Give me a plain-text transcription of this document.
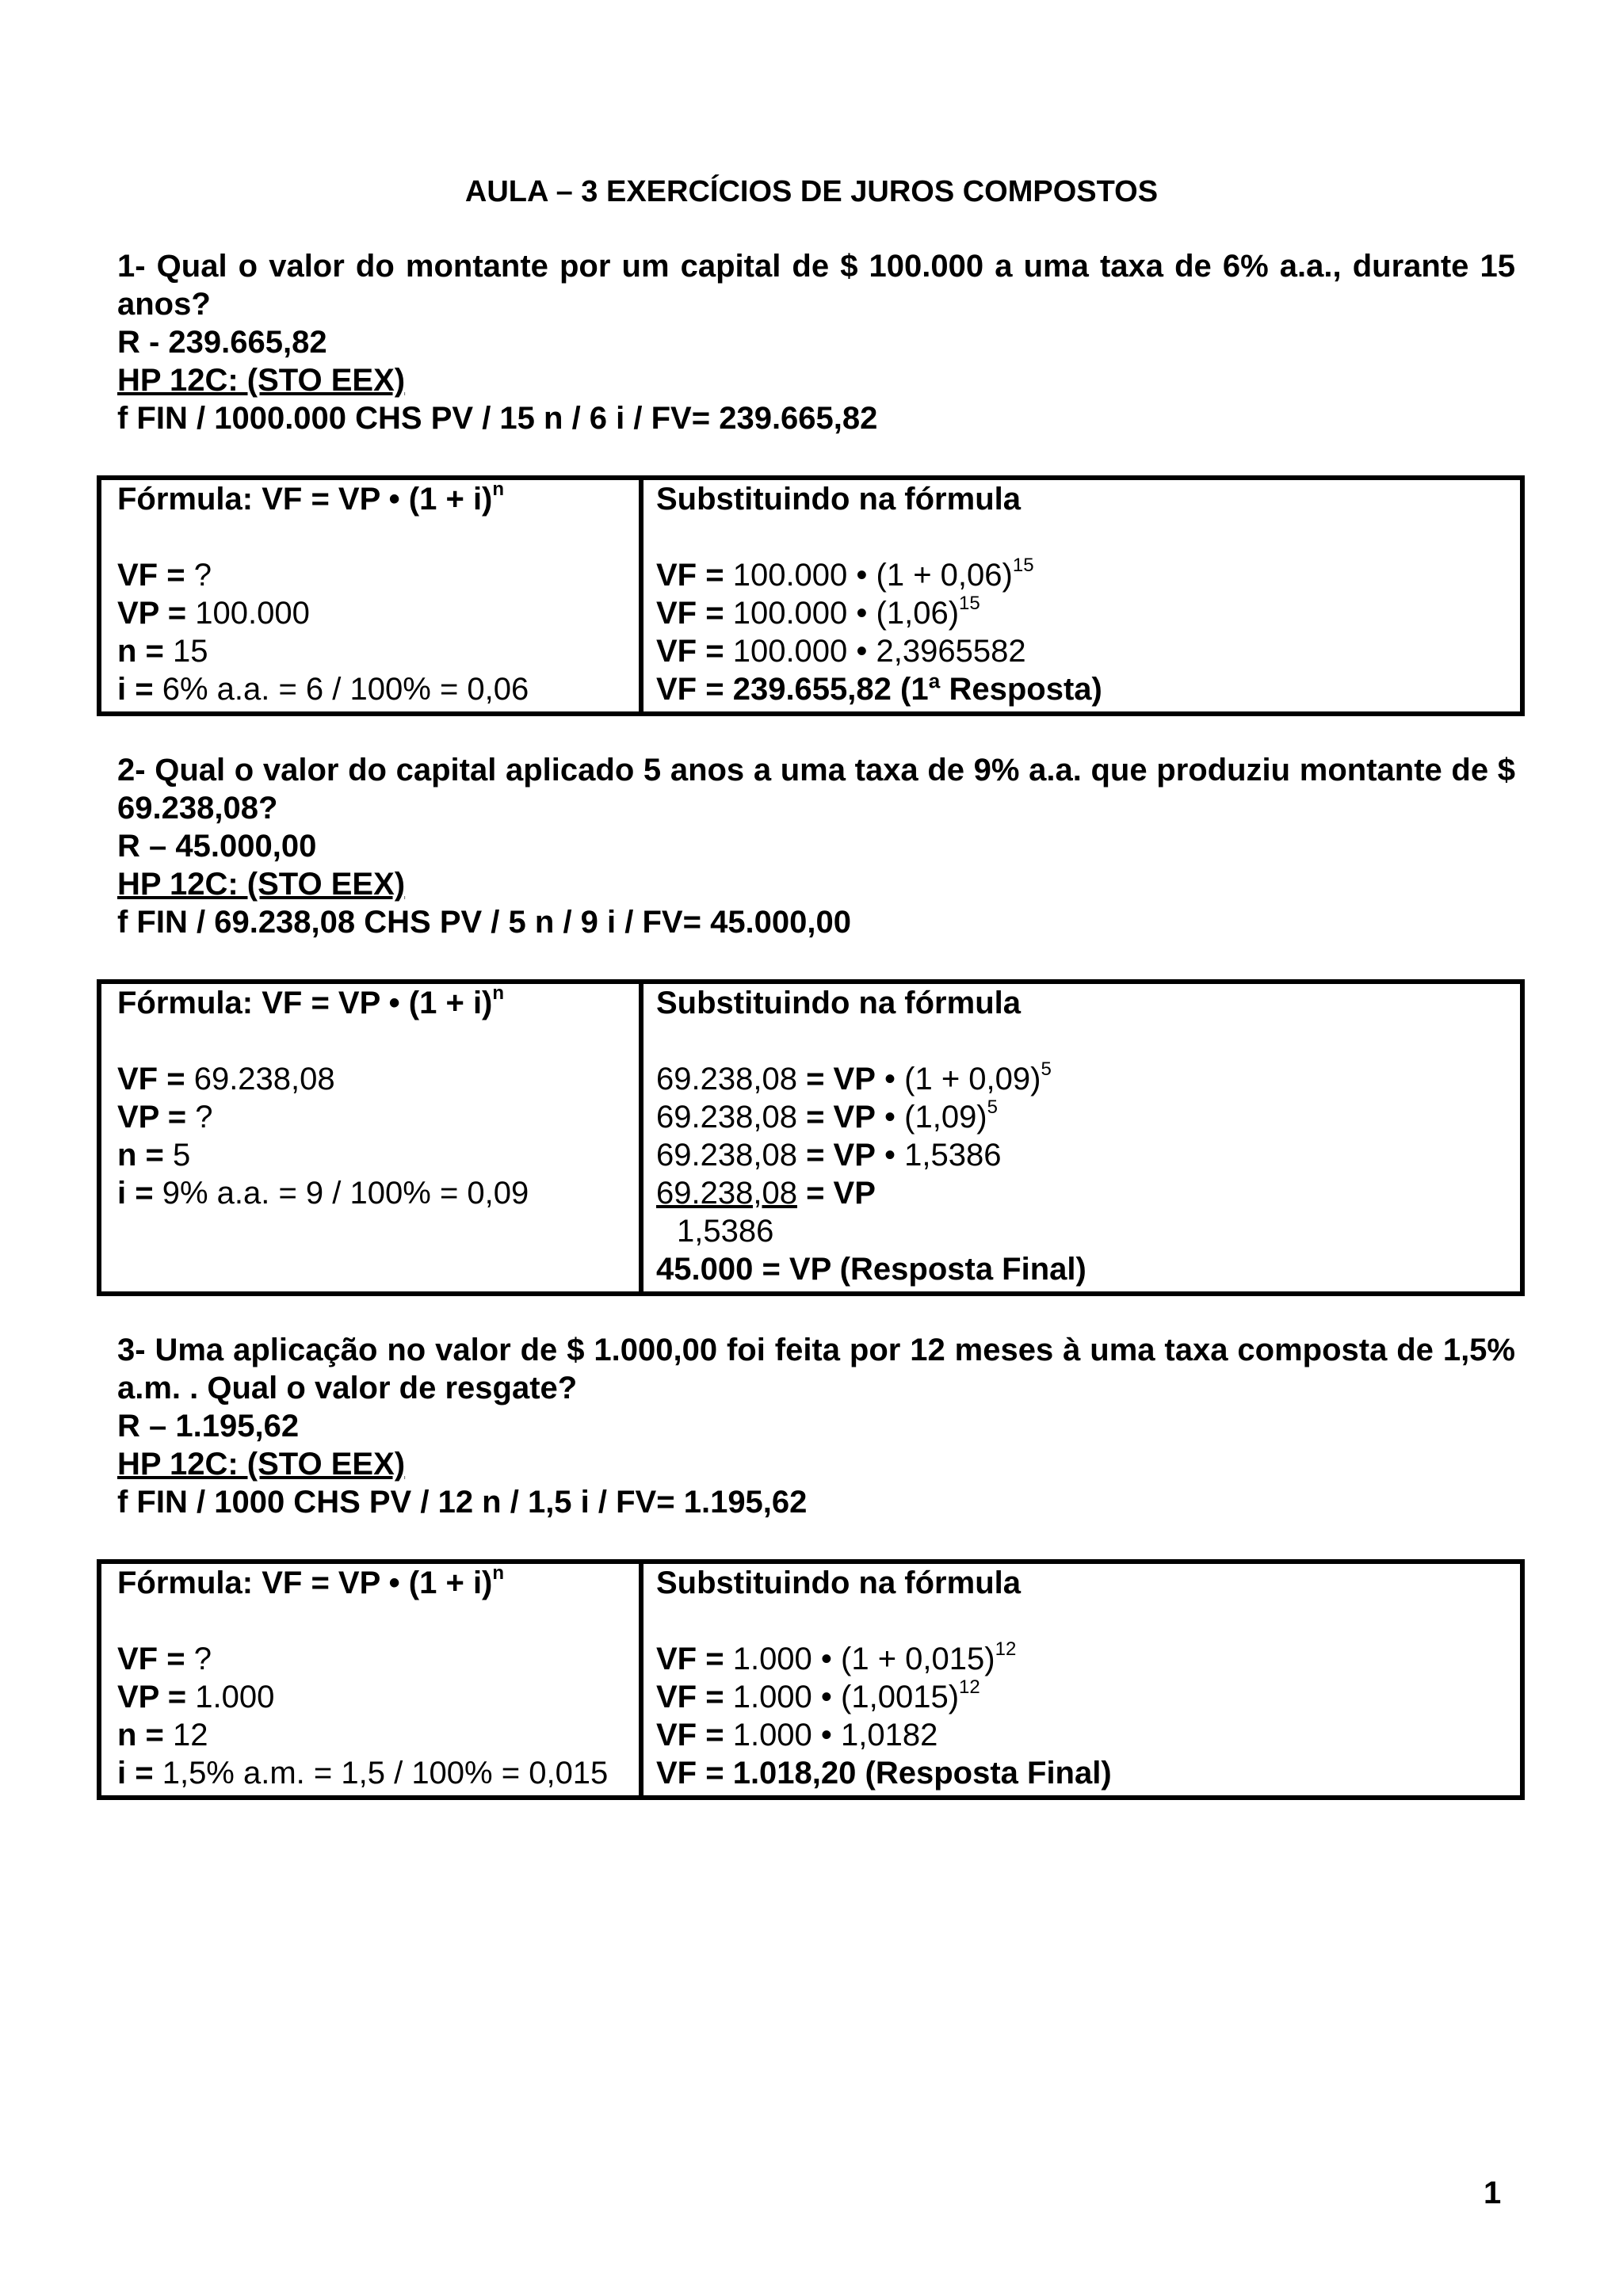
AULA – 3 EXERCÍCIOS DE JUROS COMPOSTOS
1- Qual o valor do montante por um capital de $ 100.000 a uma taxa de 6% a.a., durante 15 anos?
R - 239.665,82
HP 12C: (STO EEX)
f FIN / 1000.000 CHS PV / 15 n / 6 i / FV= 239.665,82
Fórmula: VF = VP • $(1 + i)^n$
VF = ?
VP = 100.000
n = 15
i = 6% a.a. = 6 / 100% = 0,06
Substituindo na fórmula
VF = 100.000 • $(1 + 0,06)^{15}$
VF = 100.000 • $(1,06)^{15}$
VF = 100.000 • 2,3965582
VF = 239.655,82 (1ª Resposta)
2- Qual o valor do capital aplicado 5 anos a uma taxa de 9% a.a. que produziu montante de $ 69.238,08?
R – 45.000,00
HP 12C: (STO EEX)
f FIN / 69.238,08 CHS PV / 5 n / 9 i / FV= 45.000,00
Fórmula: VF = VP • $(1 + i)^n$
VF = 69.238,08
VP = ?
n = 5
i = 9% a.a. = 9 / 100% = 0,09
Substituindo na fórmula
69.238,08 = VP • $(1 + 0,09)^5$
69.238,08 = VP • $(1,09)^5$
69.238,08 = VP • 1,5386
69.238,08 = VP
1,5386
45.000 = VP (Resposta Final)
3- Uma aplicação no valor de $ 1.000,00 foi feita por 12 meses à uma taxa composta de 1,5% a.m. . Qual o valor de resgate?
R – 1.195,62
HP 12C: (STO EEX)
f FIN / 1000 CHS PV / 12 n / 1,5 i / FV= 1.195,62
Fórmula: VF = VP • $(1 + i)^n$
VF = ?
VP = 1.000
n = 12
i = 1,5% a.m. = 1,5 / 100% = 0,015
Substituindo na fórmula
VF = 1.000 • $(1 + 0,015)^{12}$
VF = 1.000 • $(1,0015)^{12}$
VF = 1.000 • 1,0182
VF = 1.018,20 (Resposta Final)
1
